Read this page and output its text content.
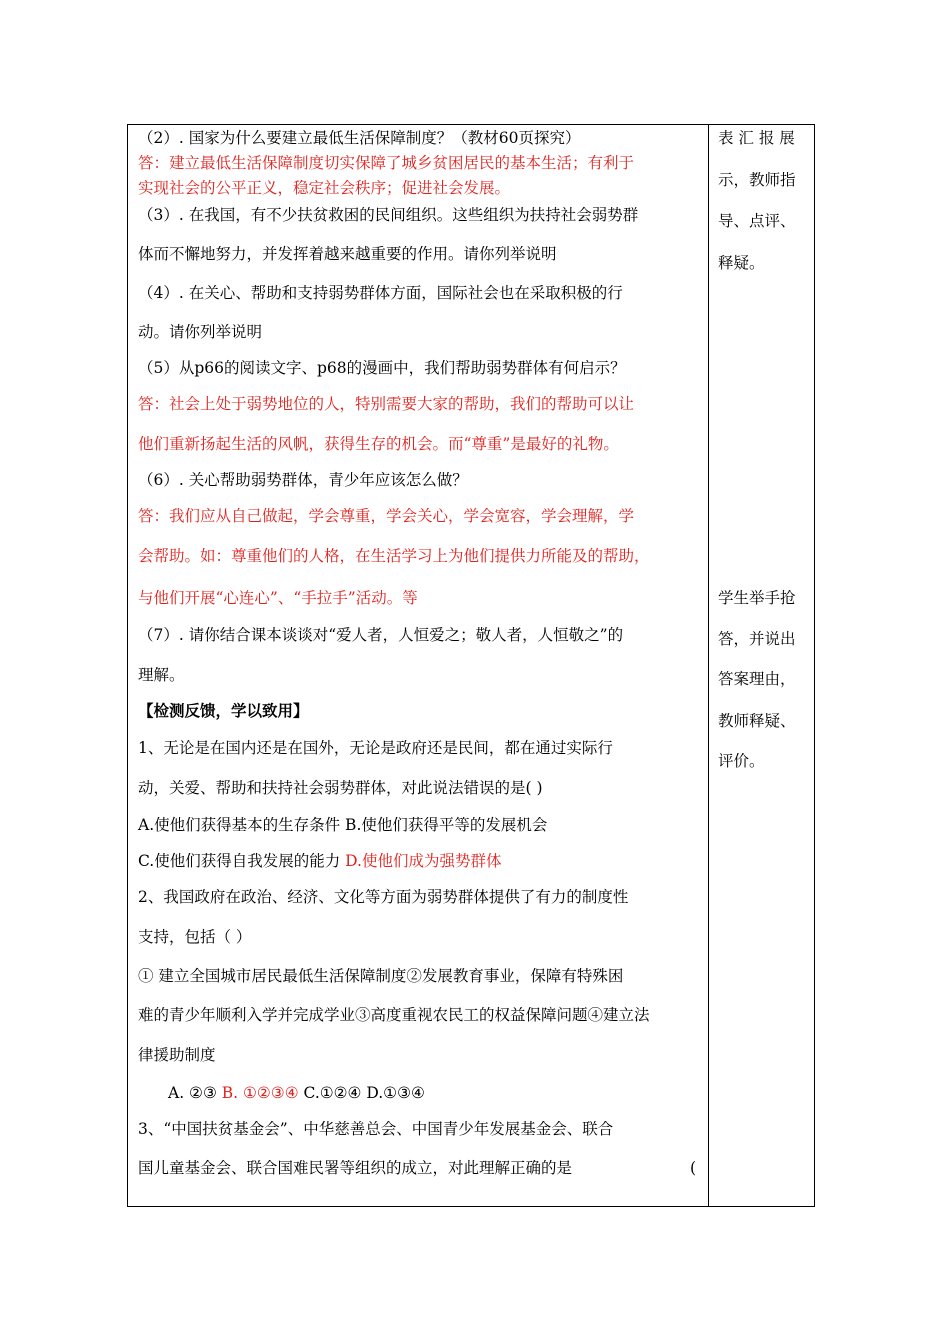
（2）. 国家为什么要建立最低生活保障制度？（教材60页探究）
答：建立最低生活保障制度切实保障了城乡贫困居民的基本生活；有利于
实现社会的公平正义，稳定社会秩序；促进社会发展。
（3）. 在我国，有不少扶贫救困的民间组织。这些组织为扶持社会弱势群
体而不懈地努力，并发挥着越来越重要的作用。请你列举说明
（4）. 在关心、帮助和支持弱势群体方面，国际社会也在采取积极的行
动。请你列举说明
（5）从p66的阅读文字、p68的漫画中，我们帮助弱势群体有何启示？
答：社会上处于弱势地位的人，特别需要大家的帮助，我们的帮助可以让
他们重新扬起生活的风帆，获得生存的机会。而“尊重”是最好的礼物。
（6）. 关心帮助弱势群体，青少年应该怎么做？
答：我们应从自己做起，学会尊重，学会关心，学会宽容，学会理解，学
会帮助。如：尊重他们的人格，在生活学习上为他们提供力所能及的帮助，
与他们开展“心连心”、“手拉手”活动。等
（7）. 请你结合课本谈谈对“爱人者，人恒爱之；敬人者，人恒敬之”的
理解。
【检测反馈，学以致用】
1、无论是在国内还是在国外，无论是政府还是民间，都在通过实际行
动，关爱、帮助和扶持社会弱势群体，对此说法错误的是( )
A.使他们获得基本的生存条件 B.使他们获得平等的发展机会
C.使他们获得自我发展的能力 D.使他们成为强势群体
2、我国政府在政治、经济、文化等方面为弱势群体提供了有力的制度性
支持，包括（ ）
① 建立全国城市居民最低生活保障制度②发展教育事业，保障有特殊困
难的青少年顺利入学并完成学业③高度重视农民工的权益保障问题④建立法
律援助制度
A. ②③ B. ①②③④ C.①②④ D.①③④
3、“中国扶贫基金会”、中华慈善总会、中国青少年发展基金会、联合
国儿童基金会、联合国难民署等组织的成立，对此理解正确的是	(
表 汇 报 展
示，教师指
导、点评、
释疑。
学生举手抢
答，并说出
答案理由，
教师释疑、
评价。
